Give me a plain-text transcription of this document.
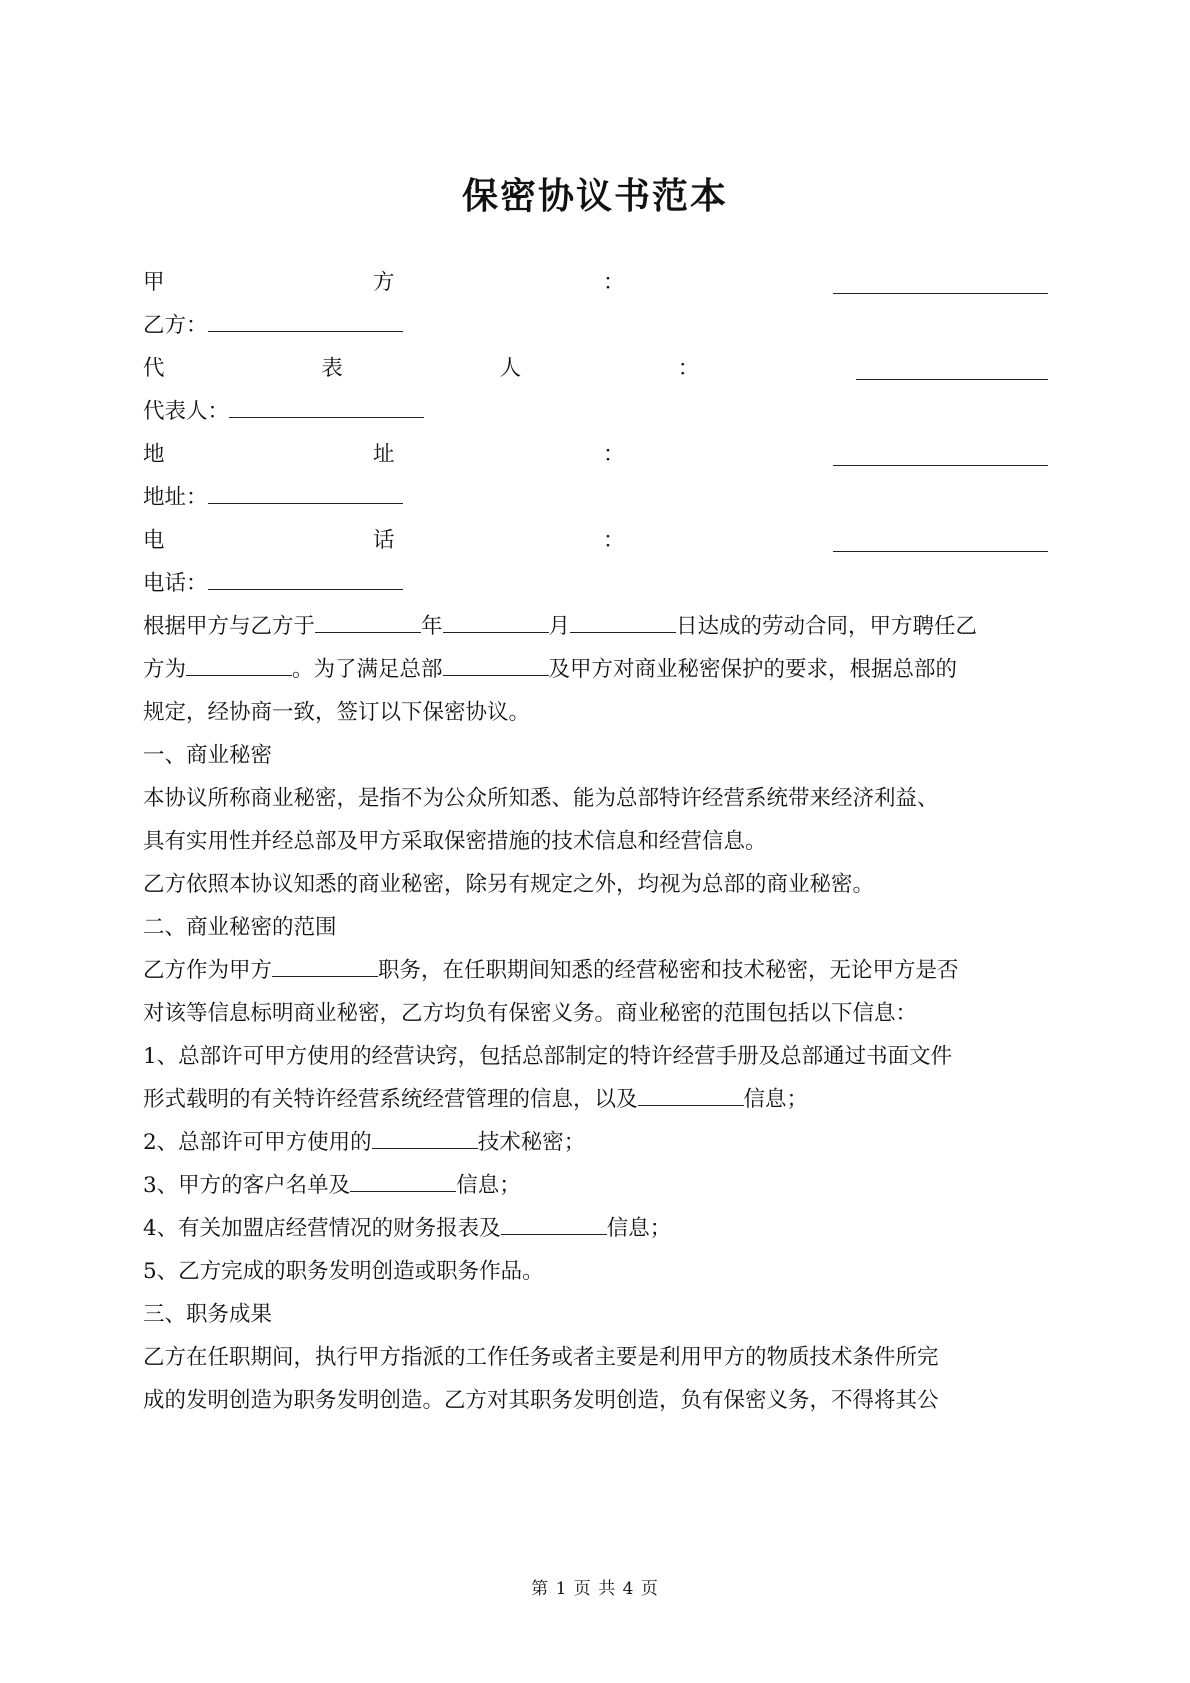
保密协议书范本
甲	方	：
乙方：
代	表	人	：
代表人：
地	址	：
地址：
电	话	：
电话：
根据甲方与乙方于	年	月	日达成的劳动合同，甲方聘任乙
方为	。为了满足总部	及甲方对商业秘密保护的要求，根据总部的
规定，经协商一致，签订以下保密协议。
一、商业秘密
本协议所称商业秘密，是指不为公众所知悉、能为总部特许经营系统带来经济利益、
具有实用性并经总部及甲方采取保密措施的技术信息和经营信息。
乙方依照本协议知悉的商业秘密，除另有规定之外，均视为总部的商业秘密。
二、商业秘密的范围
乙方作为甲方	职务，在任职期间知悉的经营秘密和技术秘密，无论甲方是否
对该等信息标明商业秘密，乙方均负有保密义务。商业秘密的范围包括以下信息：
1、总部许可甲方使用的经营诀窍，包括总部制定的特许经营手册及总部通过书面文件
形式载明的有关特许经营系统经营管理的信息，以及	信息；
2、总部许可甲方使用的	技术秘密；
3、甲方的客户名单及	信息；
4、有关加盟店经营情况的财务报表及	信息；
5、乙方完成的职务发明创造或职务作品。
三、职务成果
乙方在任职期间，执行甲方指派的工作任务或者主要是利用甲方的物质技术条件所完
成的发明创造为职务发明创造。乙方对其职务发明创造，负有保密义务，不得将其公
第 1 页 共 4 页
